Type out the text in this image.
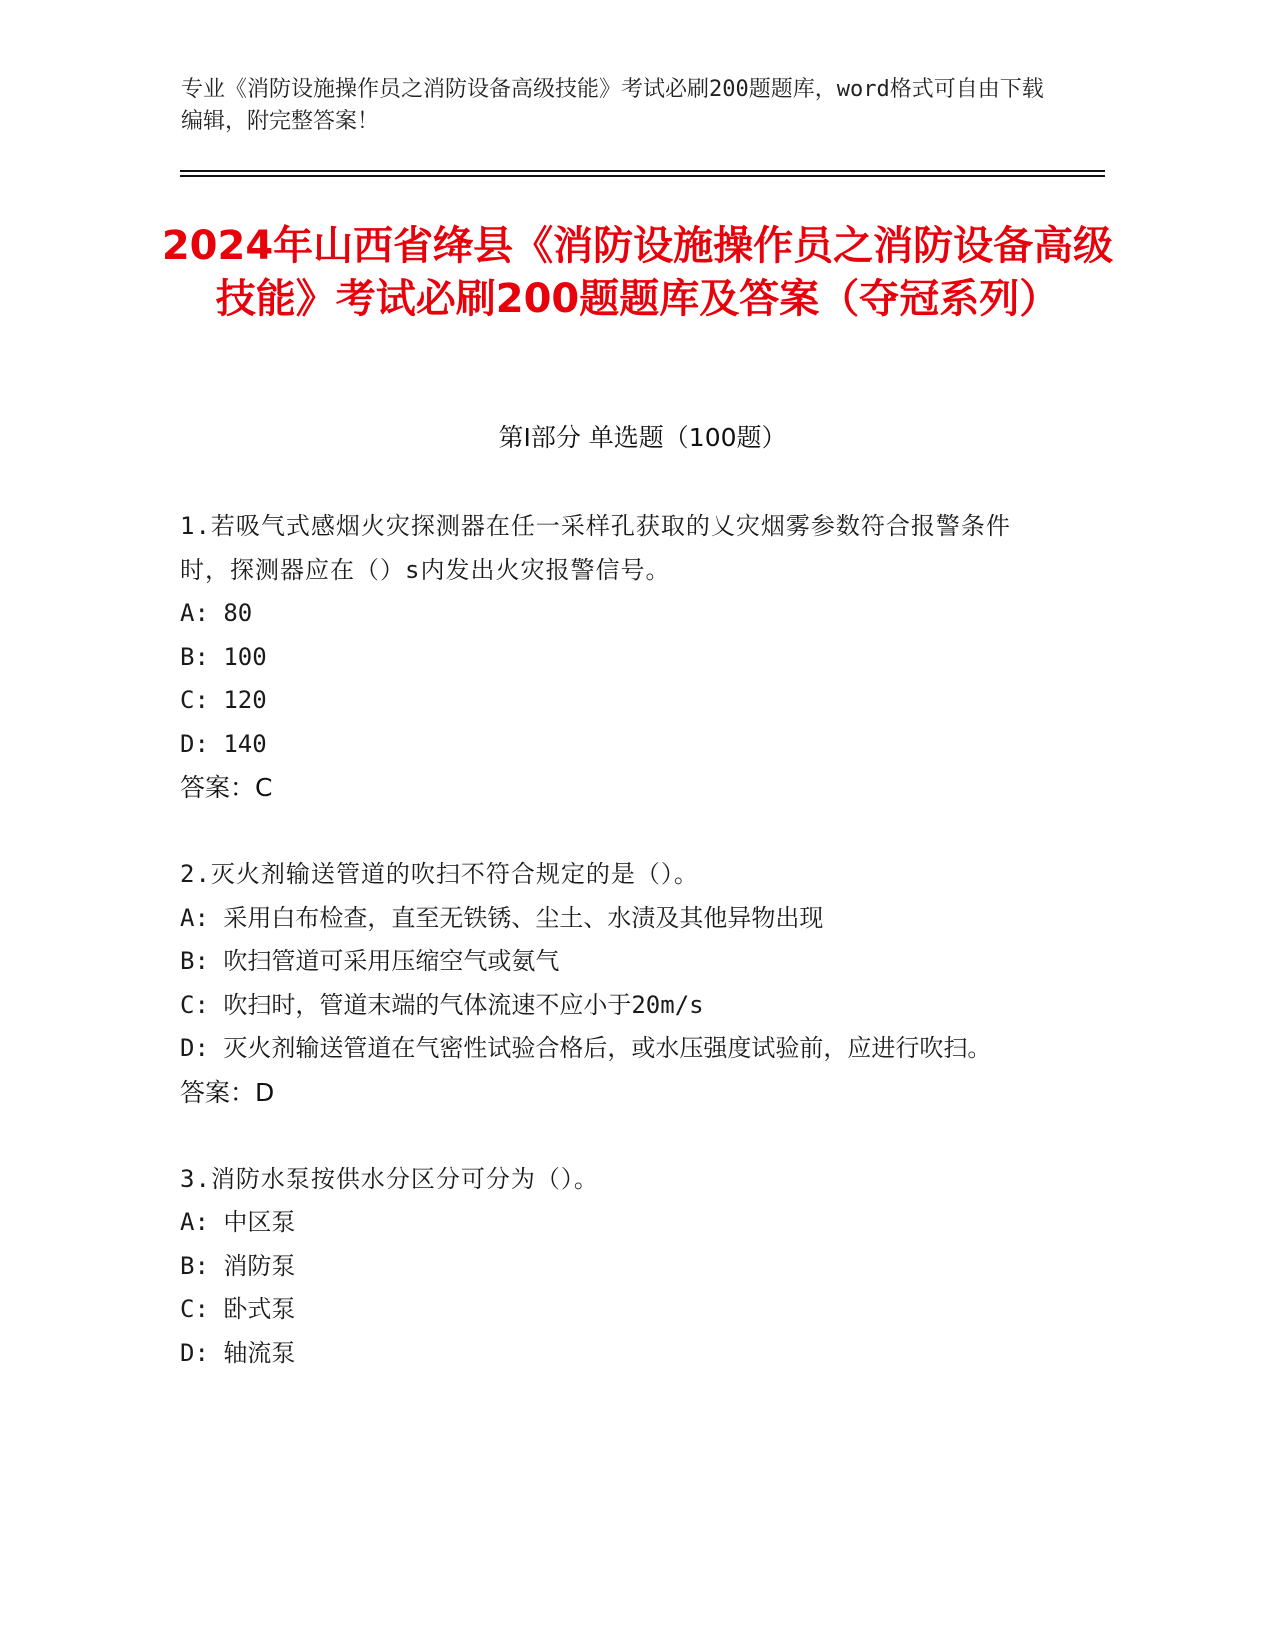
专业《消防设施操作员之消防设备高级技能》考试必刷200题题库，word格式可自由下载编辑，附完整答案！
2024年山西省绛县《消防设施操作员之消防设备高级技能》考试必刷200题题库及答案（夺冠系列）
第Ⅰ部分 单选题（100题）
1.若吸气式感烟火灾探测器在任一采样孔获取的乂灾烟雾参数符合报警条件时，探测器应在（）s内发出火灾报警信号。
A: 80
B: 100
C: 120
D: 140
答案：C
2.灭火剂输送管道的吹扫不符合规定的是（）。
A: 采用白布检查，直至无铁锈、尘土、水渍及其他异物出现
B: 吹扫管道可采用压缩空气或氨气
C: 吹扫时，管道末端的气体流速不应小于20m/s
D: 灭火剂输送管道在气密性试验合格后，或水压强度试验前，应进行吹扫。
答案：D
3.消防水泵按供水分区分可分为（）。
A: 中区泵
B: 消防泵
C: 卧式泵
D: 轴流泵
